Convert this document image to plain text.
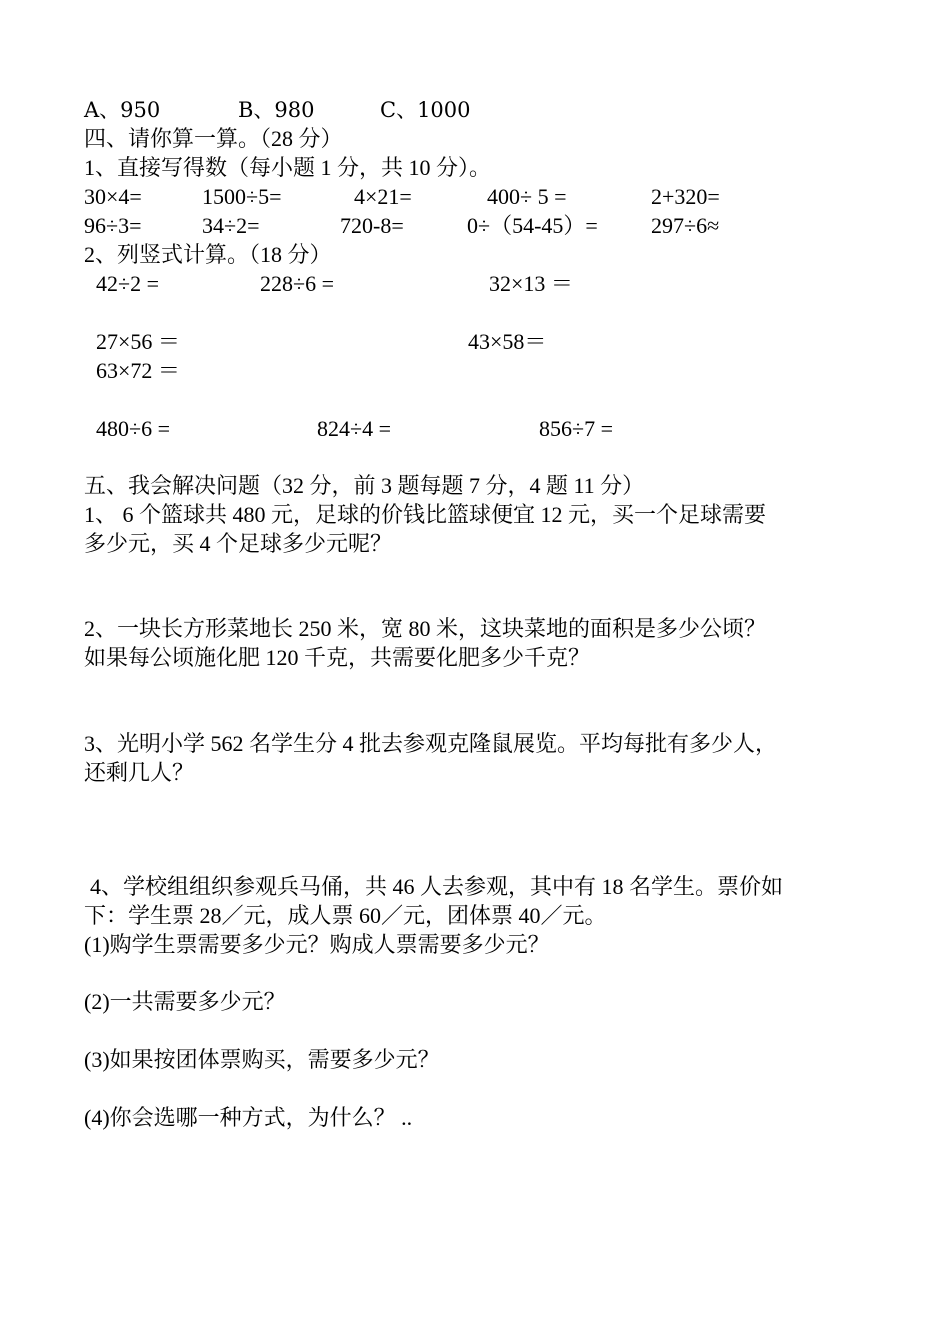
A、950	B、980	C、1000
四、请你算一算。（28 分）
1、直接写得数（每小题 1 分，共 10 分）。
30×4=	1500÷5=	4×21=	400÷ 5 =	2+320=
96÷3=	34÷2=	720-8=	0÷（54-45）= 297÷6≈
2、列竖式计算。（18 分）
42÷2 =	228÷6 =	32×13 ＝
27×56 ＝	43×58＝
63×72 ＝
480÷6 =	824÷4 =	856÷7 =
五、我会解决问题（32 分，前 3 题每题 7 分，4 题 11 分）
1、 6 个篮球共 480 元，足球的价钱比篮球便宜 12 元，买一个足球需要
多少元，买 4 个足球多少元呢？
2、一块长方形菜地长 250 米，宽 80 米，这块菜地的面积是多少公顷？
如果每公顷施化肥 120 千克，共需要化肥多少千克？
3、光明小学 562 名学生分 4 批去参观克隆鼠展览。平均每批有多少人，
还剩几人？
4、学校组组织参观兵马俑，共 46 人去参观，其中有 18 名学生。票价如
下：学生票 28／元，成人票 60／元，团体票 40／元。
(1)购学生票需要多少元？购成人票需要多少元？
(2)一共需要多少元？
(3)如果按团体票购买，需要多少元？
(4)你会选哪一种方式，为什么？ ..
